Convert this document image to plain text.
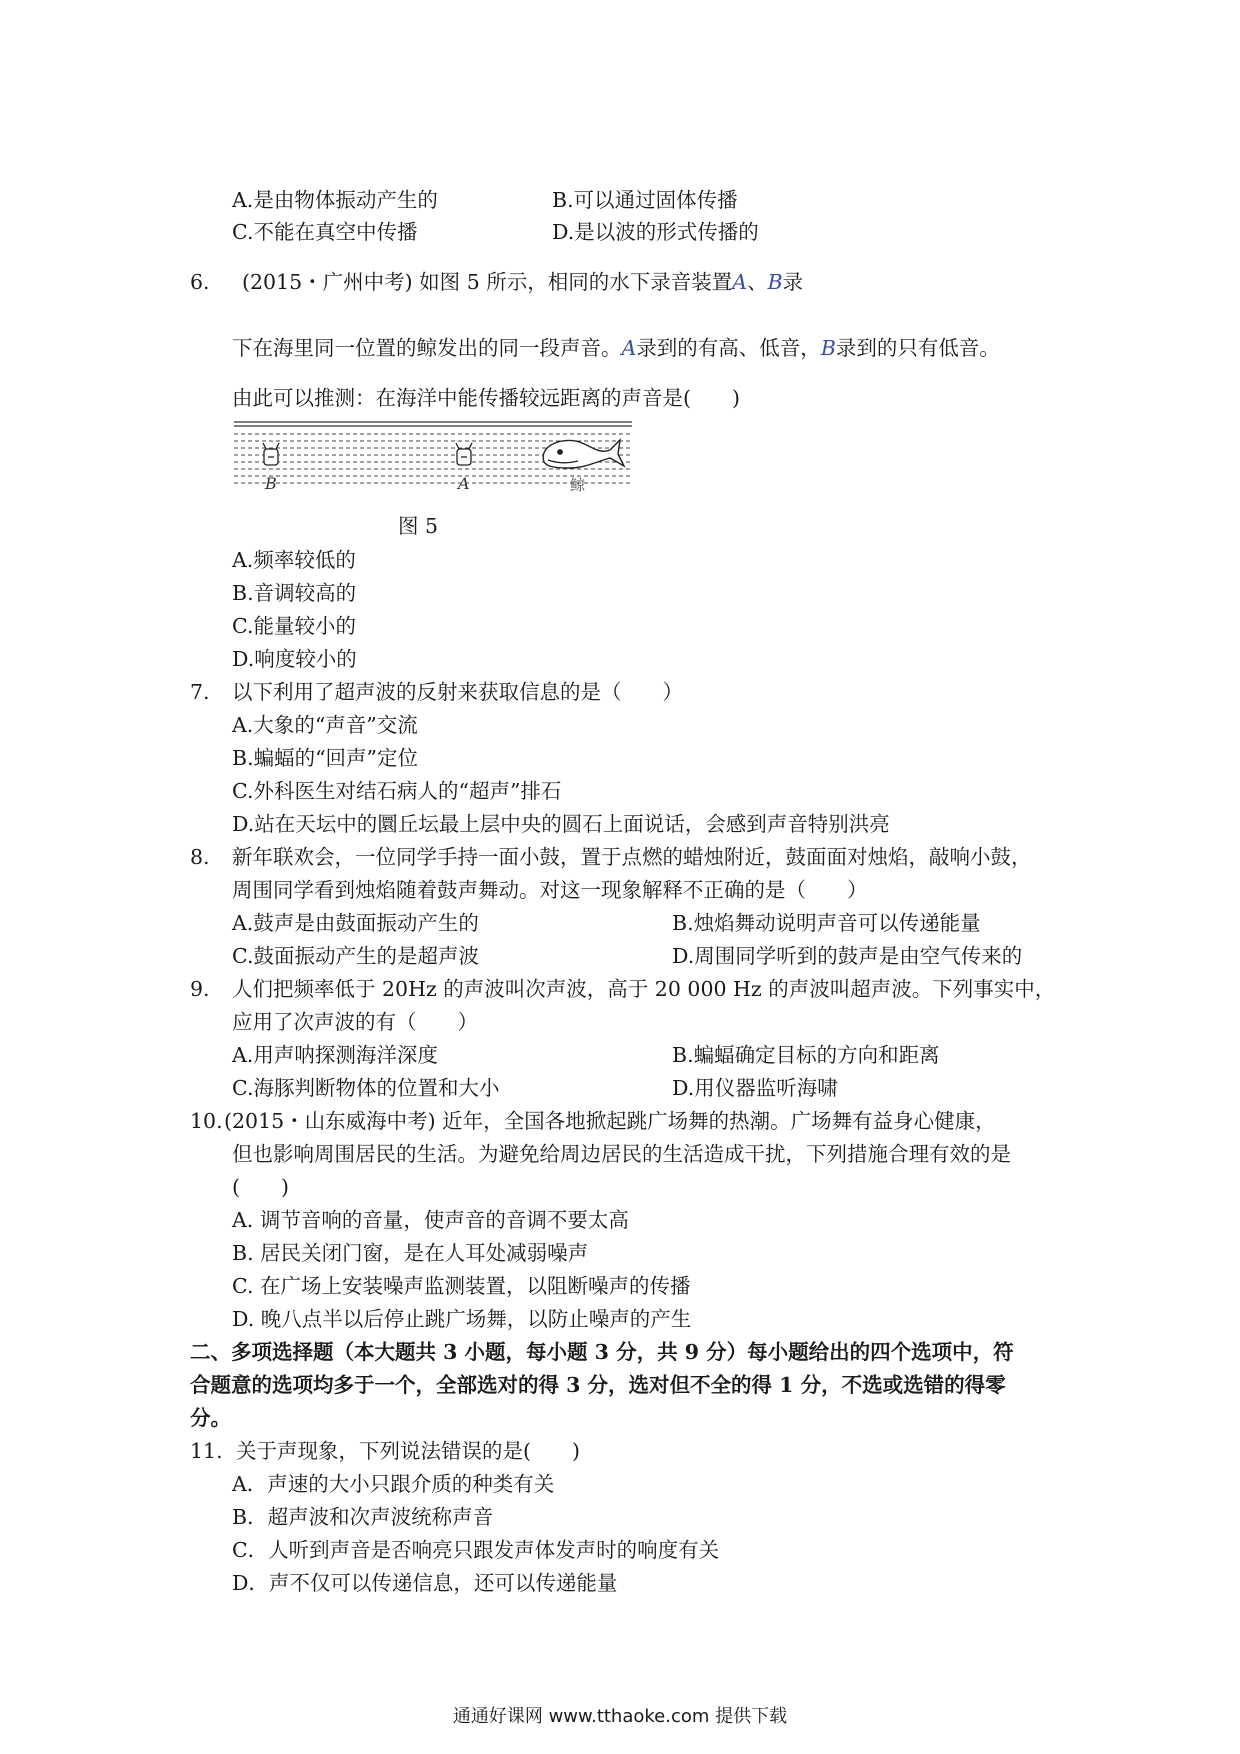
A.是由物体振动产生的	B.可以通过固体传播
C.不能在真空中传播	D.是以波的形式传播的
6. (2015・广州中考) 如图 5 所示，相同的水下录音装置A、B录
下在海里同一位置的鲸发出的同一段声音。A录到的有高、低音，B录到的只有低音。
由此可以推测：在海洋中能传播较远距离的声音是(　　)
B	A	鲸
图 5
A.频率较低的
B.音调较高的
C.能量较小的
D.响度较小的
7. 以下利用了超声波的反射来获取信息的是（　　）
A.大象的“声音”交流
B.蝙蝠的“回声”定位
C.外科医生对结石病人的“超声”排石
D.站在天坛中的圜丘坛最上层中央的圆石上面说话，会感到声音特别洪亮
8. 新年联欢会，一位同学手持一面小鼓，置于点燃的蜡烛附近，鼓面面对烛焰，敲响小鼓，
周围同学看到烛焰随着鼓声舞动。对这一现象解释不正确的是（　　）
A.鼓声是由鼓面振动产生的	B.烛焰舞动说明声音可以传递能量
C.鼓面振动产生的是超声波	D.周围同学听到的鼓声是由空气传来的
9. 人们把频率低于 20Hz 的声波叫次声波，高于 20 000 Hz 的声波叫超声波。下列事实中，
应用了次声波的有（　　）
A.用声呐探测海洋深度	B.蝙蝠确定目标的方向和距离
C.海豚判断物体的位置和大小	D.用仪器监听海啸
10. (2015・山东威海中考) 近年，全国各地掀起跳广场舞的热潮。广场舞有益身心健康，
但也影响周围居民的生活。为避免给周边居民的生活造成干扰，下列措施合理有效的是
(　　)
A. 调节音响的音量，使声音的音调不要太高
B. 居民关闭门窗，是在人耳处减弱噪声
C. 在广场上安装噪声监测装置，以阻断噪声的传播
D. 晚八点半以后停止跳广场舞，以防止噪声的产生
二、多项选择题（本大题共 3 小题，每小题 3 分，共 9 分）每小题给出的四个选项中，符
合题意的选项均多于一个，全部选对的得 3 分，选对但不全的得 1 分，不选或选错的得零
分。
11. 关于声现象，下列说法错误的是(　　)
A．声速的大小只跟介质的种类有关
B．超声波和次声波统称声音
C．人听到声音是否响亮只跟发声体发声时的响度有关
D．声不仅可以传递信息，还可以传递能量
通通好课网 www.tthaoke.com 提供下载
